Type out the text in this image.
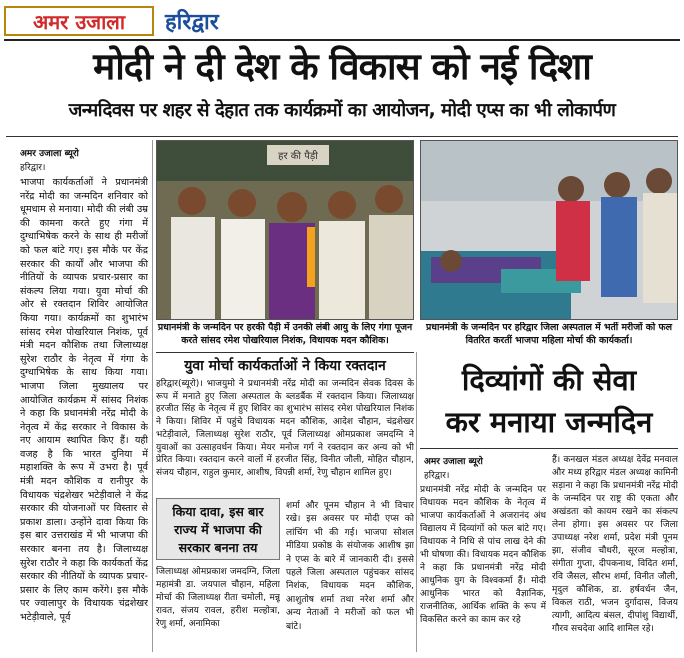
अमर उजाला हरिद्वार
मोदी ने दी देश के विकास को नई दिशा
जन्मदिवस पर शहर से देहात तक कार्यक्रमों का आयोजन, मोदी एप्स का भी लोकार्पण
अमर उजाला ब्यूरो
हरिद्वार।
भाजपा कार्यकर्ताओं ने प्रधानमंत्री नरेंद्र मोदी का जन्मदिन शनिवार को धूमधाम से मनाया। मोदी की लंबी उम्र की कामना करते हुए गंगा में दुग्धाभिषेक करने के साथ ही मरीजों को फल बांटे गए। इस मौके पर केंद्र सरकार की कार्यों और भाजपा की नीतियों के व्यापक प्रचार-प्रसार का संकल्प लिया गया। युवा मोर्चा की ओर से रक्तदान शिविर आयोजित किया गया। कार्यक्रमों का शुभारंभ सांसद रमेश पोखरियाल निशंक, पूर्व मंत्री मदन कौशिक तथा जिलाध्यक्ष सुरेश राठौर के नेतृत्व में गंगा के दुग्धाभिषेक के साथ किया गया। भाजपा जिला मुख्यालय पर आयोजित कार्यक्रम में सांसद निशंक ने कहा कि प्रधानमंत्री नरेंद्र मोदी के नेतृत्व में केंद्र सरकार ने विकास के नए आयाम स्थापित किए हैं। यही वजह है कि भारत दुनिया में महाशक्ति के रूप में उभरा है। पूर्व मंत्री मदन कौशिक व रानीपुर के विधायक चंद्रशेखर भटेड़ीवाले ने केंद्र सरकार की योजनाओं पर विस्तार से प्रकाश डाला। उन्होंने दावा किया कि इस बार उत्तराखंड में भी भाजपा की सरकार बनना तय है। जिलाध्यक्ष सुरेश राठौर ने कहा कि कार्यकर्ता केंद्र सरकार की नीतियों के व्यापक प्रचार-प्रसार के लिए काम करेंगे। इस मौके पर ज्वालापुर के विधायक चंद्रशेखर भटेड़ीवाले, पूर्व
हर की पैड़ी
प्रधानमंत्री के जन्मदिन पर हरकी पैड़ी में उनकी लंबी आयु के लिए गंगा पूजन करते सांसद रमेश पोखरियाल निशंक, विधायक मदन कौशिक।
प्रधानमंत्री के जन्मदिन पर हरिद्वार जिला अस्पताल में भर्ती मरीजों को फल वितरित करतीं भाजपा महिला मोर्चा की कार्यकर्ता।
युवा मोर्चा कार्यकर्ताओं ने किया रक्तदान
हरिद्वार(ब्यूरो)। भाजयुमो ने प्रधानमंत्री नरेंद्र मोदी का जन्मदिन सेवक दिवस के रूप में मनाते हुए जिला अस्पताल के ब्लडबैंक में रक्तदान किया। जिलाध्यक्ष हरजीत सिंह के नेतृत्व में हुए शिविर का शुभारंभ सांसद रमेश पोखरियाल निशंक ने किया। शिविर में पहुंचे विधायक मदन कौशिक, आदेश चौहान, चंद्रशेखर भटेड़ीवाले, जिलाध्यक्ष सुरेश राठौर, पूर्व जिलाध्यक्ष ओमप्रकाश जमदग्नि ने युवाओं का उत्साहवर्धन किया। मेयर मनोज गर्ग ने रक्तदान कर अन्य को भी प्रेरित किया। रक्तदान करने वालों में हरजीत सिंह, विनीत जौली, मोहित चौहान, संजय चौहान, राहुल कुमार, आशीष, विपन्नी शर्मा, रेणु चौहान शामिल हुए।
किया दावा, इस बार राज्य में भाजपा की सरकार बनना तय
जिलाध्यक्ष ओमप्रकाश जमदग्नि, जिला महामंत्री डा. जयपाल चौहान, महिला मोर्चा की जिलाध्यक्ष रीता चमोली, मन्नू रावत, संजय रावल, हरीश मल्होत्रा, रेणु शर्मा, अनामिका
शर्मा और पूनम चौहान ने भी विचार रखे। इस अवसर पर मोदी एप्स को लांचिंग भी की गई। भाजपा सोशल मीडिया प्रकोष्ठ के संयोजक आशीष झा ने एप्स के बारे में जानकारी दी। इससे पहले जिला अस्पताल पहुंचकर सांसद निशंक, विधायक मदन कौशिक, आशुतोष शर्मा तथा नरेश शर्मा और अन्य नेताओं ने मरीजों को फल भी बांटे।
दिव्यांगों की सेवा
कर मनाया जन्मदिन
अमर उजाला ब्यूरो
हरिद्वार।
प्रधानमंत्री नरेंद्र मोदी के जन्मदिन पर विधायक मदन कौशिक के नेतृत्व में भाजपा कार्यकर्ताओं ने अजरानंद अंध विद्यालय में दिव्यांगों को फल बांटे गए। विधायक ने निधि से पांच लाख देने की भी घोषणा की। विधायक मदन कौशिक ने कहा कि प्रधानमंत्री नरेंद्र मोदी आधुनिक युग के विश्वकर्मा हैं। मोदी आधुनिक भारत को वैज्ञानिक, राजनीतिक, आर्थिक शक्ति के रूप में विकसित करने का काम कर रहे
हैं। कनखल मंडल अध्यक्ष देवेंद्र मनवाल और मध्य हरिद्वार मंडल अध्यक्ष कामिनी सड़ाना ने कहा कि प्रधानमंत्री नरेंद्र मोदी के जन्मदिन पर राष्ट्र की एकता और अखंडता को कायम रखने का संकल्प लेना होगा। इस अवसर पर जिला उपाध्यक्ष नरेश शर्मा, प्रदेश मंत्री पूनम झा, संजीव चौधरी, सूरज मल्होत्रा, संगीता गुप्ता, दीपकनाथ, विदित शर्मा, रवि जैसल, सौरभ शर्मा, विनीत जौली, मृदुल कौशिक, डा. हर्षवर्धन जैन, विकल राठी, भजन दुर्गादास, विजय त्यागी, आदित्य बंसल, दीपांशु विद्यार्थी, गौरव सचदेवा आदि शामिल रहे।
